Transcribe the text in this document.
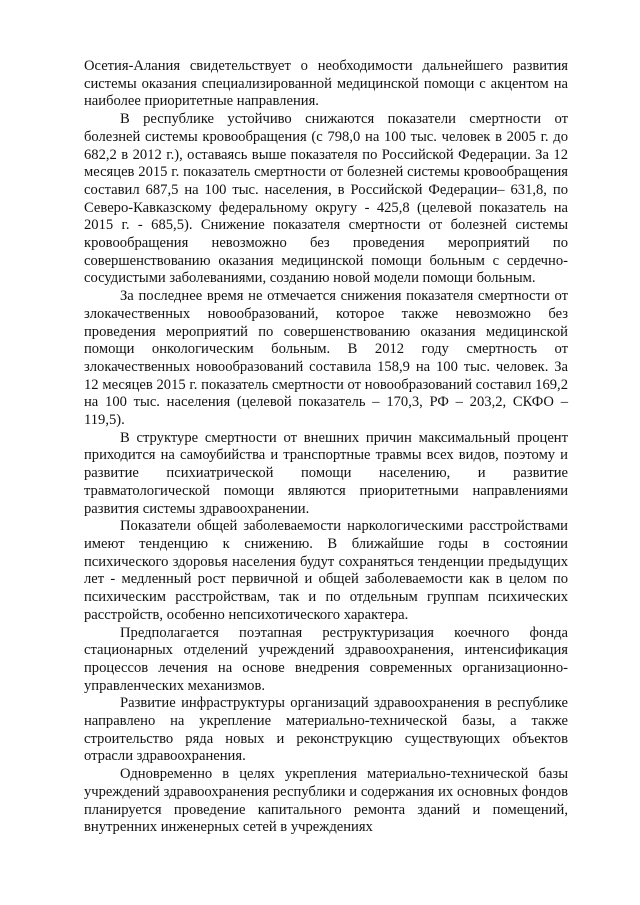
Осетия-Алания свидетельствует о необходимости дальнейшего развития системы оказания специализированной медицинской помощи с акцентом на наиболее приоритетные направления.

В республике устойчиво снижаются показатели смертности от болезней системы кровообращения (с 798,0 на 100 тыс. человек в 2005 г. до 682,2 в 2012 г.), оставаясь выше показателя по Российской Федерации. За 12 месяцев 2015 г. показатель смертности от болезней системы кровообращения составил 687,5 на 100 тыс. населения, в Российской Федерации– 631,8, по Северо-Кавказскому федеральному округу - 425,8 (целевой показатель на 2015 г. - 685,5). Снижение показателя смертности от болезней системы кровообращения невозможно без проведения мероприятий по совершенствованию оказания медицинской помощи больным с сердечно-сосудистыми заболеваниями, созданию новой модели помощи больным.

За последнее время не отмечается снижения показателя смертности от злокачественных новообразований, которое также невозможно без проведения мероприятий по совершенствованию оказания медицинской помощи онкологическим больным. В 2012 году смертность от злокачественных новообразований составила 158,9 на 100 тыс. человек. За 12 месяцев 2015 г. показатель смертности от новообразований составил 169,2 на 100 тыс. населения (целевой показатель – 170,3, РФ – 203,2, СКФО – 119,5).

В структуре смертности от внешних причин максимальный процент приходится на самоубийства и транспортные травмы всех видов, поэтому и развитие психиатрической помощи населению, и развитие травматологической помощи являются приоритетными направлениями развития системы здравоохранении.

Показатели общей заболеваемости наркологическими расстройствами имеют тенденцию к снижению. В ближайшие годы в состоянии психического здоровья населения будут сохраняться тенденции предыдущих лет - медленный рост первичной и общей заболеваемости как в целом по психическим расстройствам, так и по отдельным группам психических расстройств, особенно непсихотического характера.

Предполагается поэтапная реструктуризация коечного фонда стационарных отделений учреждений здравоохранения, интенсификация процессов лечения на основе внедрения современных организационно-управленческих механизмов.

Развитие инфраструктуры организаций здравоохранения в республике направлено на укрепление материально-технической базы, а также строительство ряда новых и реконструкцию существующих объектов отрасли здравоохранения.

Одновременно в целях укрепления материально-технической базы учреждений здравоохранения республики и содержания их основных фондов планируется проведение капитального ремонта зданий и помещений, внутренних инженерных сетей в учреждениях
